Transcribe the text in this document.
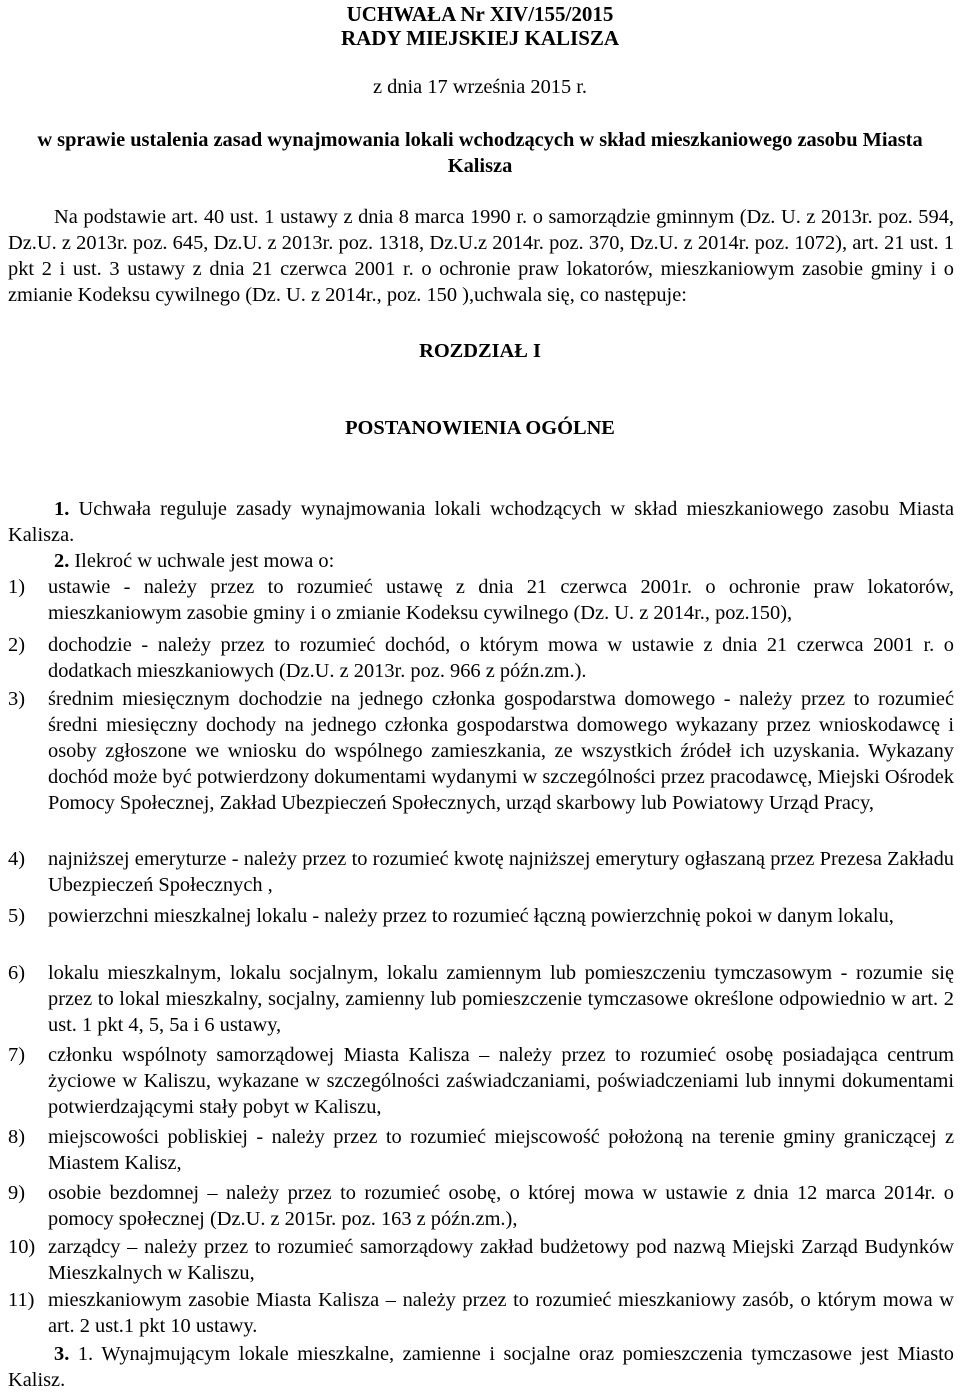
UCHWAŁA Nr XIV/155/2015
RADY MIEJSKIEJ KALISZA
z dnia 17 września 2015 r.
w sprawie ustalenia zasad wynajmowania lokali wchodzących w skład mieszkaniowego zasobu Miasta Kalisza
Na podstawie art. 40 ust. 1 ustawy z dnia 8 marca 1990 r. o samorządzie gminnym (Dz. U. z 2013r. poz. 594, Dz.U. z 2013r. poz. 645, Dz.U. z 2013r. poz. 1318, Dz.U.z 2014r. poz. 370, Dz.U. z 2014r. poz. 1072), art. 21 ust. 1 pkt 2 i ust. 3 ustawy z dnia 21 czerwca 2001 r. o ochronie praw lokatorów, mieszkaniowym zasobie gminy i o zmianie Kodeksu cywilnego (Dz. U. z 2014r., poz. 150 ),uchwala się, co następuje:
ROZDZIAŁ I
POSTANOWIENIA OGÓLNE
1. Uchwała reguluje zasady wynajmowania lokali wchodzących w skład mieszkaniowego zasobu Miasta Kalisza.
2. Ilekroć w uchwale jest mowa o:
1) ustawie - należy przez to rozumieć ustawę z dnia 21 czerwca 2001r. o ochronie praw lokatorów, mieszkaniowym zasobie gminy i o zmianie Kodeksu cywilnego (Dz. U. z 2014r., poz.150),
2) dochodzie - należy przez to rozumieć dochód, o którym mowa w ustawie z dnia 21 czerwca 2001 r. o dodatkach mieszkaniowych (Dz.U. z 2013r. poz. 966 z późn.zm.).
3) średnim miesięcznym dochodzie na jednego członka gospodarstwa domowego - należy przez to rozumieć średni miesięczny dochody na jednego członka gospodarstwa domowego wykazany przez wnioskodawcę i osoby zgłoszone we wniosku do wspólnego zamieszkania, ze wszystkich źródeł ich uzyskania. Wykazany dochód może być potwierdzony dokumentami wydanymi w szczególności przez pracodawcę, Miejski Ośrodek Pomocy Społecznej, Zakład Ubezpieczeń Społecznych, urząd skarbowy lub Powiatowy Urząd Pracy,
4) najniższej emeryturze - należy przez to rozumieć kwotę najniższej emerytury ogłaszaną przez Prezesa Zakładu Ubezpieczeń Społecznych ,
5) powierzchni mieszkalnej lokalu - należy przez to rozumieć łączną powierzchnię pokoi w danym lokalu,
6) lokalu mieszkalnym, lokalu socjalnym, lokalu zamiennym lub pomieszczeniu tymczasowym - rozumie się przez to lokal mieszkalny, socjalny, zamienny lub pomieszczenie tymczasowe określone odpowiednio w art. 2 ust. 1 pkt 4, 5, 5a i 6 ustawy,
7) członku wspólnoty samorządowej Miasta Kalisza – należy przez to rozumieć osobę posiadająca centrum życiowe w Kaliszu, wykazane w szczególności zaświadczaniami, poświadczeniami lub innymi dokumentami potwierdzającymi stały pobyt w Kaliszu,
8) miejscowości pobliskiej - należy przez to rozumieć miejscowość położoną na terenie gminy graniczącej z Miastem Kalisz,
9) osobie bezdomnej – należy przez to rozumieć osobę, o której mowa w ustawie z dnia 12 marca 2014r. o pomocy społecznej (Dz.U. z 2015r. poz. 163 z późn.zm.),
10) zarządcy – należy przez to rozumieć samorządowy zakład budżetowy pod nazwą Miejski Zarząd Budynków Mieszkalnych w Kaliszu,
11) mieszkaniowym zasobie Miasta Kalisza – należy przez to rozumieć mieszkaniowy zasób, o którym mowa w art. 2 ust.1 pkt 10 ustawy.
3. 1. Wynajmującym lokale mieszkalne, zamienne i socjalne oraz pomieszczenia tymczasowe jest Miasto Kalisz.
